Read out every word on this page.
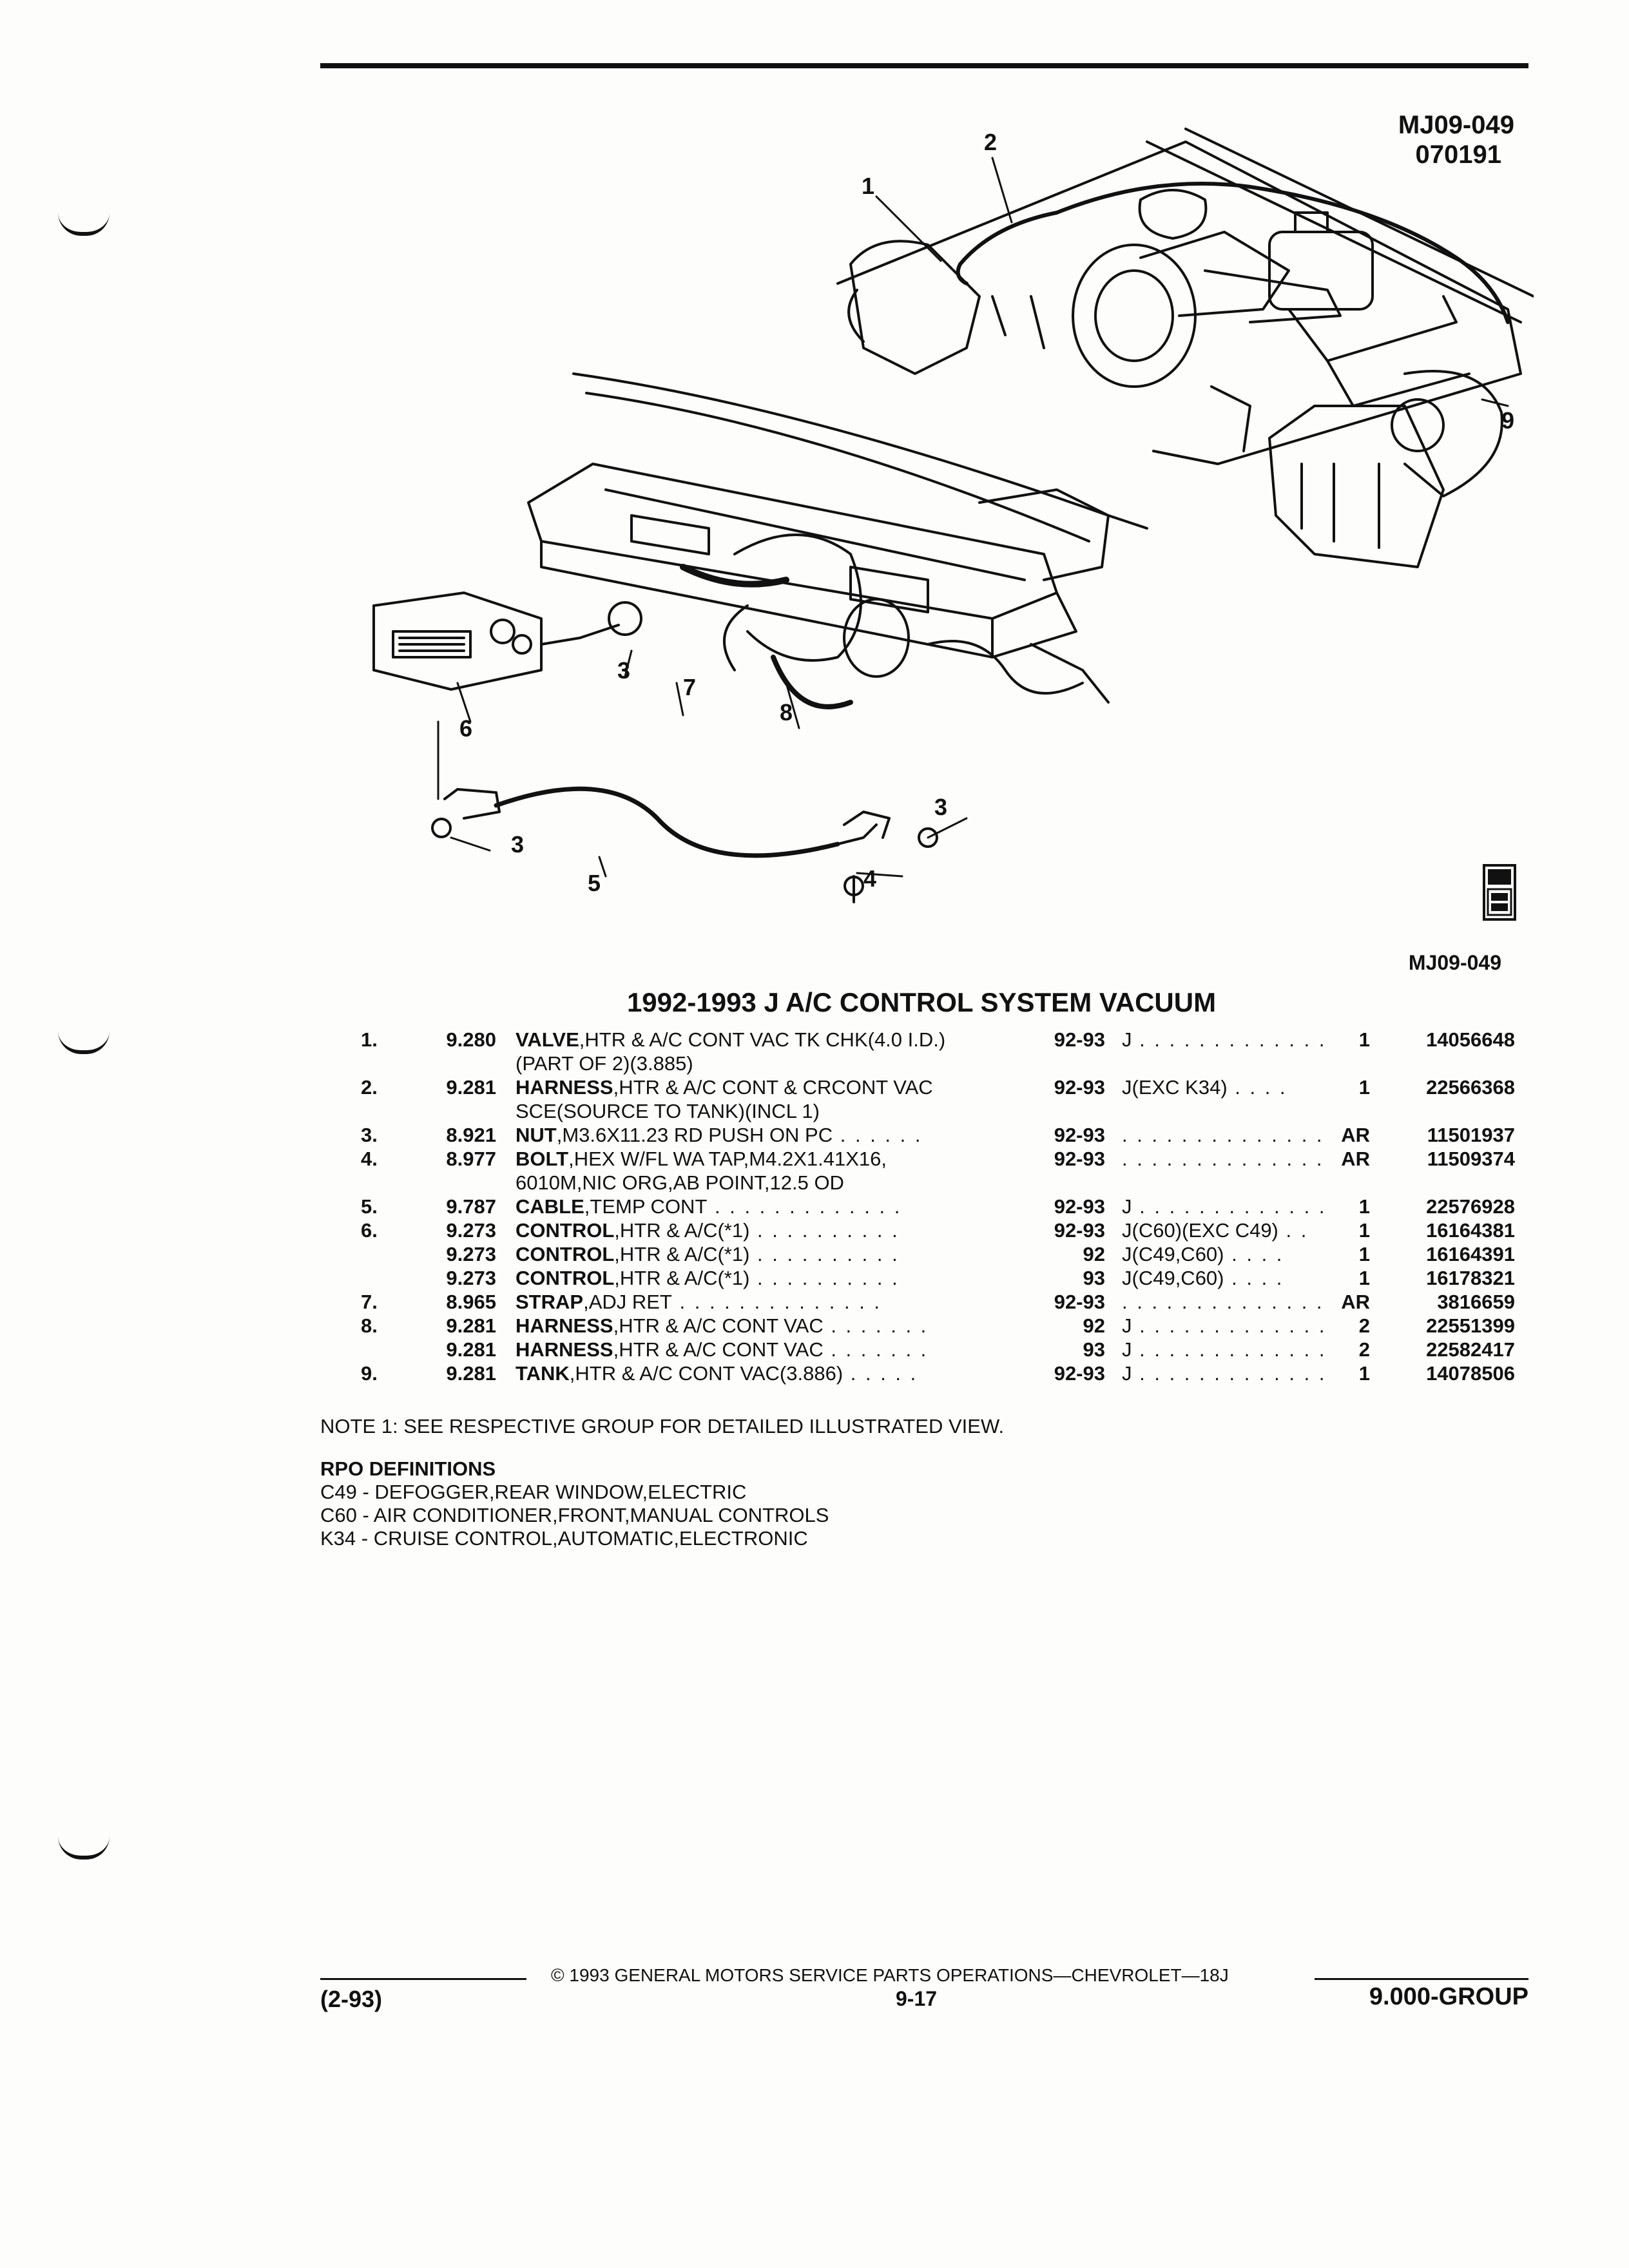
MJ09-049
070191
1
2
3
7
8
6
9
3
4
5
3
MJ09-049
1992-1993 J A/C CONTROL SYSTEM VACUUM
1.	9.280	VALVE,HTR & A/C CONT VAC TK CHK(4.0 I.D.)
(PART OF 2)(3.885)	92-93	J . . . . . . . . . . . . .	1	14056648
2.	9.281	HARNESS,HTR & A/C CONT & CRCONT VAC
SCE(SOURCE TO TANK)(INCL 1)	92-93	J(EXC K34) . . . .	1	22566368
3.	8.921	NUT,M3.6X11.23 RD PUSH ON PC . . . . . .	92-93	. . . . . . . . . . . . . .	AR	11501937
4.	8.977	BOLT,HEX W/FL WA TAP,M4.2X1.41X16,
6010M,NIC ORG,AB POINT,12.5 OD	92-93	. . . . . . . . . . . . . .	AR	11509374
5.	9.787	CABLE,TEMP CONT . . . . . . . . . . . . .	92-93	J . . . . . . . . . . . . .	1	22576928
6.	9.273	CONTROL,HTR & A/C(*1) . . . . . . . . . .	92-93	J(C60)(EXC C49) . .	1	16164381
	9.273	CONTROL,HTR & A/C(*1) . . . . . . . . . .	92	J(C49,C60) . . . .	1	16164391
	9.273	CONTROL,HTR & A/C(*1) . . . . . . . . . .	93	J(C49,C60) . . . .	1	16178321
7.	8.965	STRAP,ADJ RET . . . . . . . . . . . . . .	92-93	. . . . . . . . . . . . . .	AR	3816659
8.	9.281	HARNESS,HTR & A/C CONT VAC . . . . . . .	92	J . . . . . . . . . . . . .	2	22551399
	9.281	HARNESS,HTR & A/C CONT VAC . . . . . . .	93	J . . . . . . . . . . . . .	2	22582417
9.	9.281	TANK,HTR & A/C CONT VAC(3.886) . . . . .	92-93	J . . . . . . . . . . . . .	1	14078506
NOTE 1: SEE RESPECTIVE GROUP FOR DETAILED ILLUSTRATED VIEW.
RPO DEFINITIONS
C49 - DEFOGGER,REAR WINDOW,ELECTRIC
C60 - AIR CONDITIONER,FRONT,MANUAL CONTROLS
K34 - CRUISE CONTROL,AUTOMATIC,ELECTRONIC
© 1993 GENERAL MOTORS SERVICE PARTS OPERATIONS—CHEVROLET—18J
(2-93)	9-17	9.000-GROUP
